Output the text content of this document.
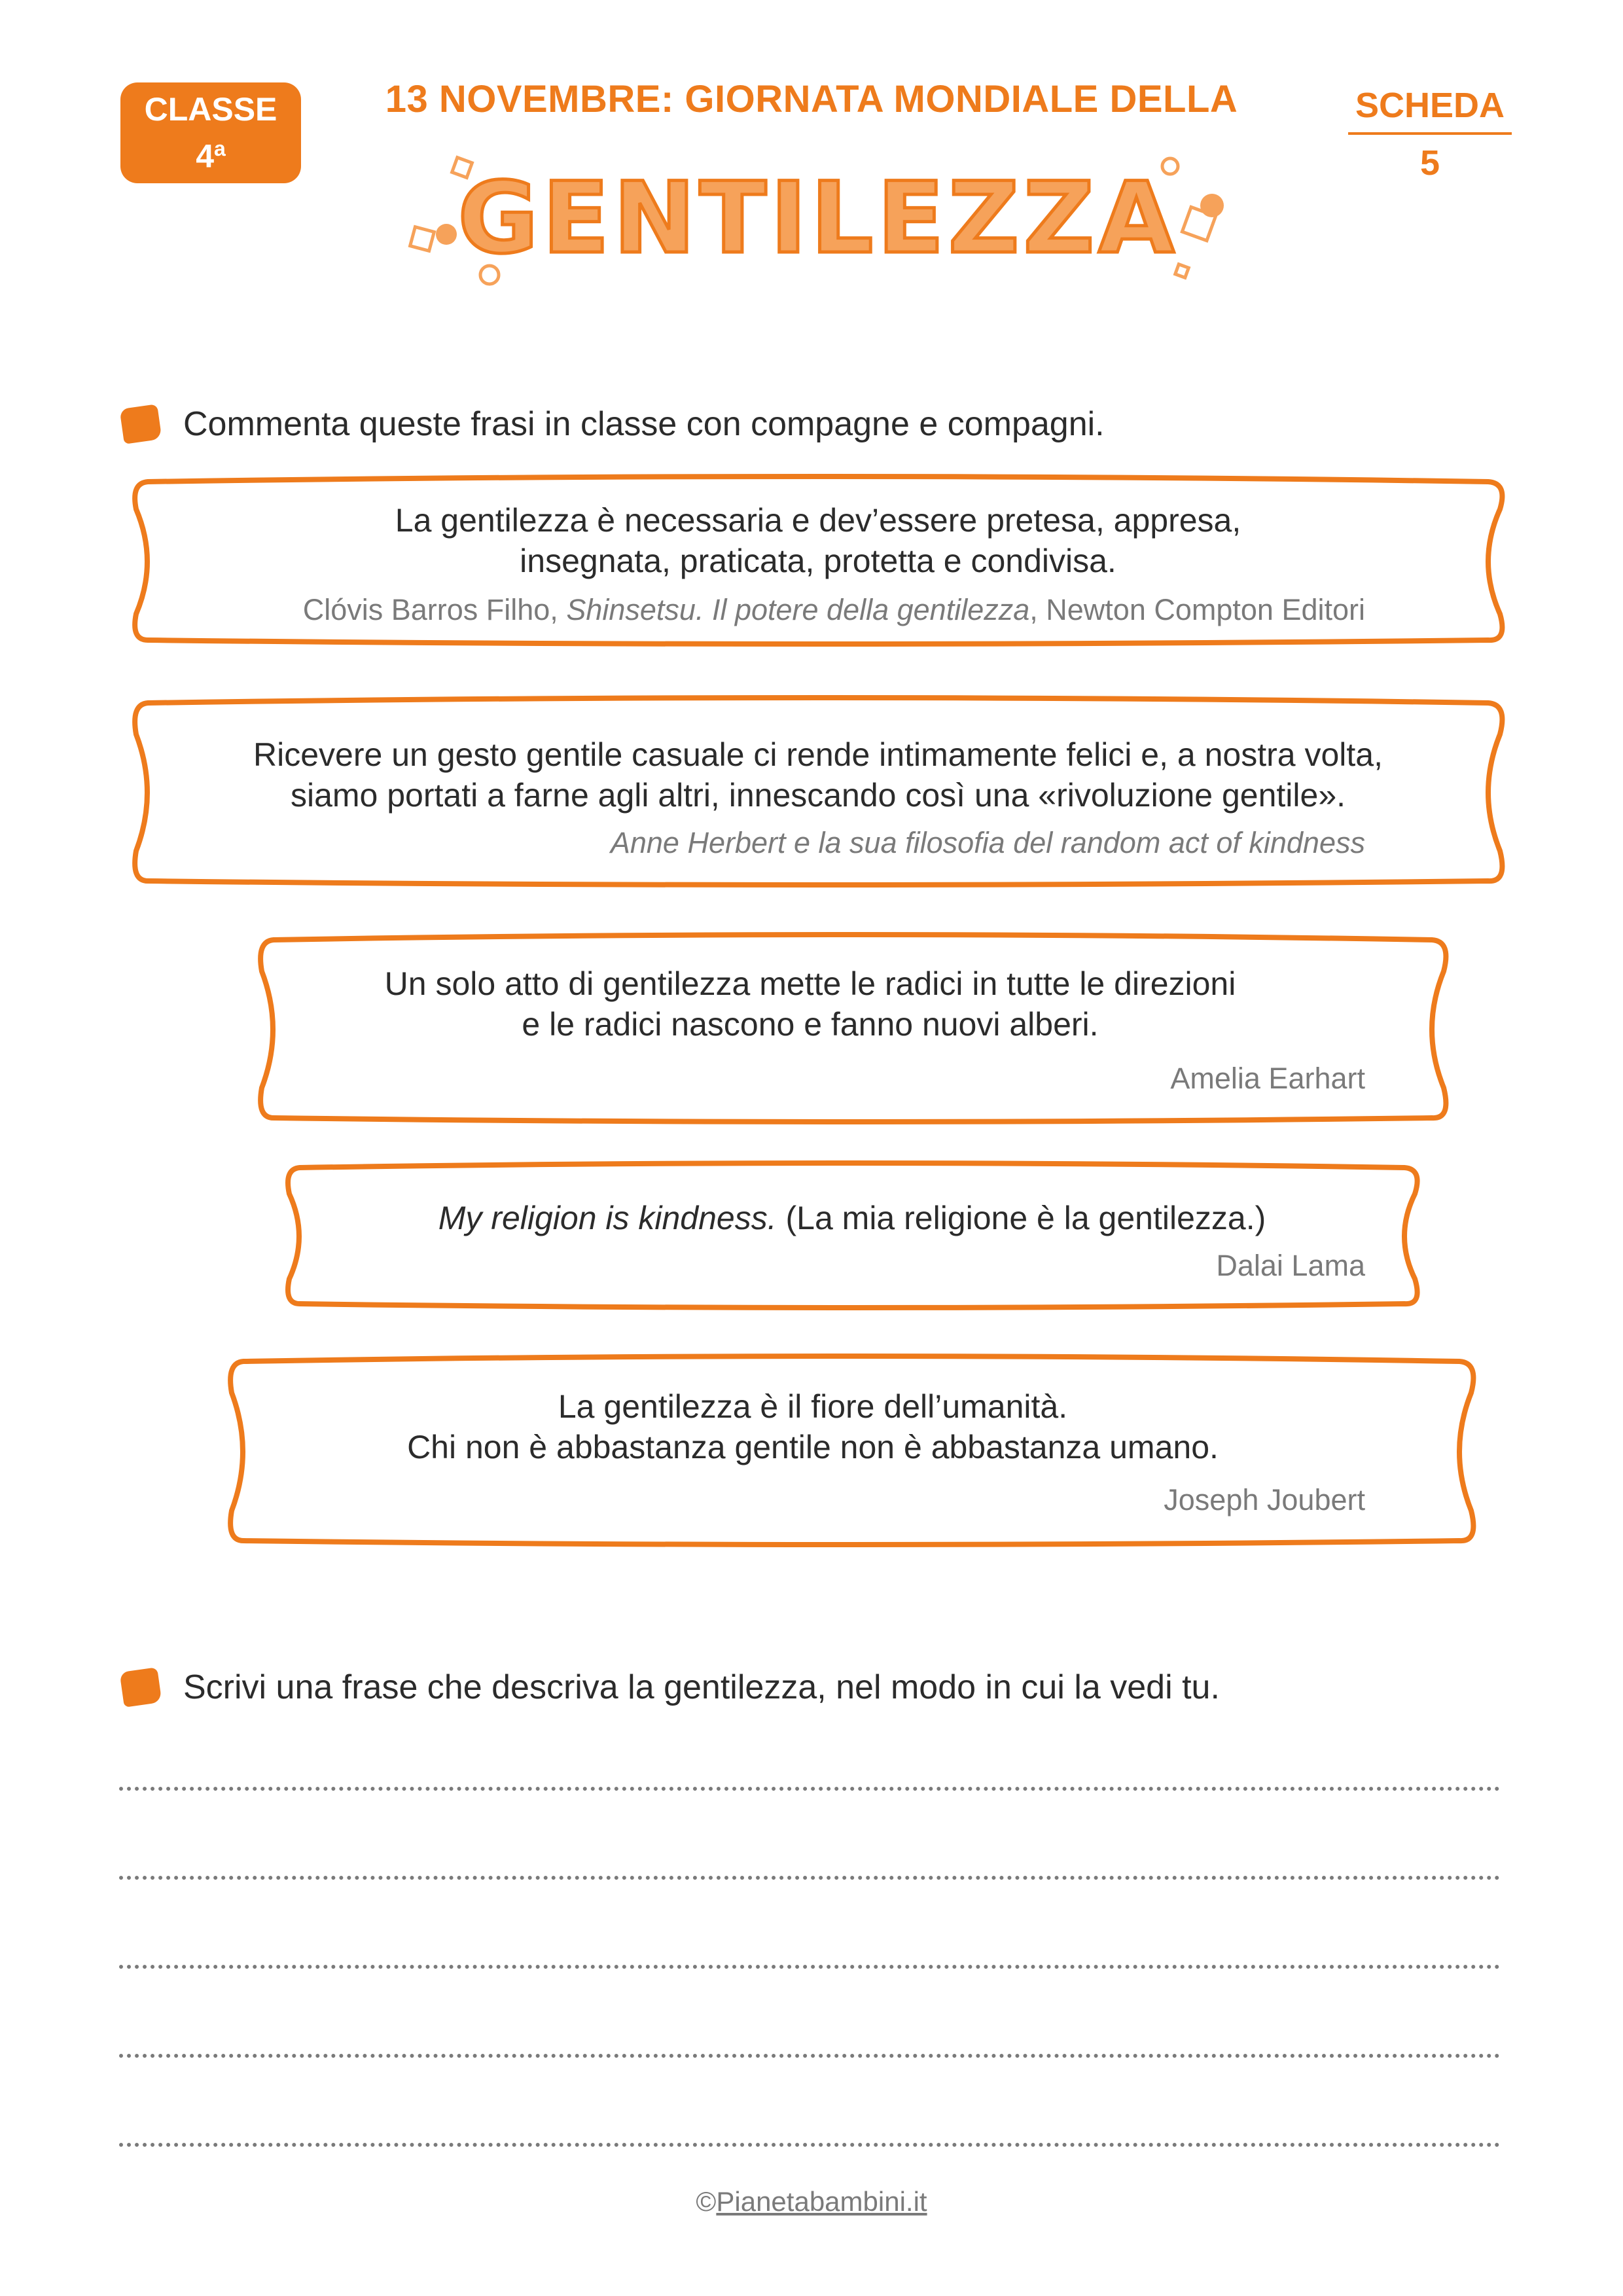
CLASSE
4$^a$
13 NOVEMBRE: GIORNATA MONDIALE DELLA	SCHEDA
5
GENTILEZZA
Commenta queste frasi in classe con compagne e compagni.
La gentilezza è necessaria e dev’essere pretesa, appresa,
insegnata, praticata, protetta e condivisa.
Clóvis Barros Filho, Shinsetsu. Il potere della gentilezza, Newton Compton Editori
Ricevere un gesto gentile casuale ci rende intimamente felici e, a nostra volta,
siamo portati a farne agli altri, innescando così una «rivoluzione gentile».
Anne Herbert e la sua filosofia del random act of kindness
Un solo atto di gentilezza mette le radici in tutte le direzioni
e le radici nascono e fanno nuovi alberi.
Amelia Earhart
My religion is kindness. (La mia religione è la gentilezza.)
Dalai Lama
La gentilezza è il fiore dell’umanità.
Chi non è abbastanza gentile non è abbastanza umano.
Joseph Joubert
Scrivi una frase che descriva la gentilezza, nel modo in cui la vedi tu.
©Pianetabambini.it
